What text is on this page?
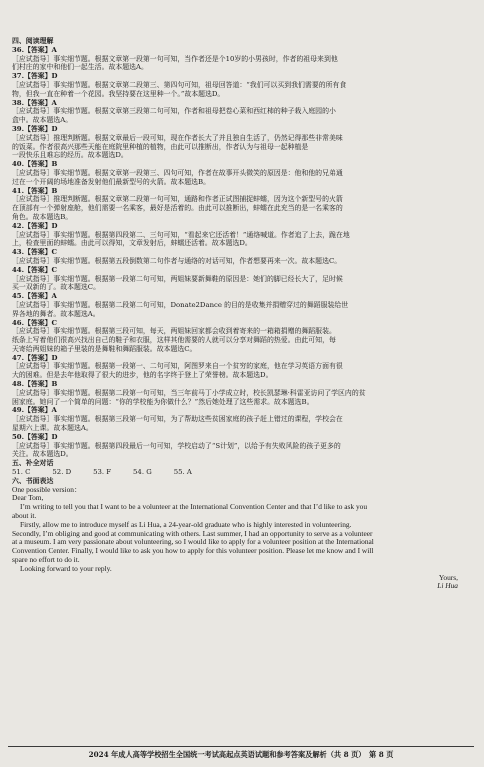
四、阅读理解
36.【答案】A
［应试指导］事实细节题。根据文章第一段第一句可知，当作者还是个10岁的小男孩时，作者的祖母来到他
们村庄的家中和他们一起生活。故本题选A。
37.【答案】D
［应试指导］事实细节题。根据文章第二段第三、第四句可知，祖母回答道：“我们可以买到我们需要的所有食
物，但我一直在种着一个花园。我坚持要在这里种一个。”故本题选D。
38.【答案】A
［应试指导］事实细节题。根据文章第三段第二句可知，作者和祖母把卷心菜和西红柿的种子栽入庭园的小
盒中。故本题选A。
39.【答案】D
［应试指导］推理判断题。根据文章最后一段可知，现在作者长大了并且独自生活了，仍然记得那些非常美味
的饭菜。作者很高兴那些天能在庭院里种植的植物，由此可以推断出，作者认为与祖母一起种植是
一段快乐且难忘的经历。故本题选D。
40.【答案】B
［应试指导］事实细节题。根据文章第一段第三、四句可知，作者在故事开头微笑的原因是：他和他的兄弟通
过在一个开阔的场地准备发射他们最新型号的火箭。故本题选B。
41.【答案】B
［应试指导］推理判断题。根据文章第二段第一句可知，通路和作者正试图捕捉蚌蠕，因为这个新型号的火箭
在顶部有一个弹射座舱，他们需要一名乘客，最好是活着的。由此可以推断出，蚌蠕在此充当的是一名乘客的
角色。故本题选B。
42.【答案】D
［应试指导］事实细节题。根据第四段第二、三句可知，“看起来它还活着！”通络喊道。作者追了上去，跪在地
上，检查里面的蚌蠕。由此可以得知，文章发射后，蚌蠕还活着。故本题选D。
43.【答案】C
［应试指导］事实细节题。根据第五段倒数第二句作者与通络的对话可知，作者想要再来一次。故本题选C。
44.【答案】C
［应试指导］事实细节题。根据第一段第二句可知，两姐妹要新舞鞋的原因是：她们的脚已经长大了，足时候
买一双新的了。故本题选C。
45.【答案】A
［应试指导］事实细节题。根据第二段第二句可知，Donate2Dance 的目的是收集并捐赠穿过的舞蹈服装给世
界各地的舞者。故本题选A。
46.【答案】C
［应试指导］事实细节题。根据第三段可知，每天，两姐妹回家都会收到着寄来的一箱箱捐赠的舞蹈服装。
纸条上写着他们很高兴找出自己的鞋子和衣服，这样其他需要的人就可以分享对舞蹈的热爱。由此可知，每
天寄给两姐妹的箱子里装的是舞鞋和舞蹈服装。故本题选C。
47.【答案】D
［应试指导］事实细节题。根据第一段第一、二句可知，阿图罗来自一个贫穷的家庭，他在学习英语方面有很
大的困难。但是去年他取得了很大的进步，他的名字终于登上了荣誉榜。故本题选D。
48.【答案】B
［应试指导］事实细节题。根据第二段第一句可知，当三年前马丁小学成立时，校长凯瑟琳·科雷亚访问了学区内的贫
困家庭。她问了一个简单的问题：“你的学校能为你做什么？”然后她处理了这些需求。故本题选B。
49.【答案】A
［应试指导］事实细节题。根据第三段第一句可知，为了帮助这些贫困家庭的孩子赶上错过的课程，学校会在
星期六上课。故本题选A。
50.【答案】D
［应试指导］事实细节题。根据第四段最后一句可知，学校启动了“S计划”，以给予有失败风险的孩子更多的
关注。故本题选D。
五、补全对话
51. C	52. D	53. F	54. G	55. A
六、书面表达
One possible version：
Dear Tom,
I’m writing to tell you that I want to be a volunteer at the International Convention Center and that I’d like to ask you
about it.
Firstly, allow me to introduce myself as Li Hua, a 24-year-old graduate who is highly interested in volunteering.
Secondly, I’m obliging and good at communicating with others. Last summer, I had an opportunity to serve as a volunteer
at a museum. I am very passionate about volunteering, so I would like to apply for a volunteer position at the International
Convention Center. Finally, I would like to ask you how to apply for this volunteer position. Please let me know and I will
spare no effort to do it.
Looking forward to your reply.
Yours,
Li Hua
2024 年成人高等学校招生全国统一考试高起点英语试题和参考答案及解析（共 8 页）　第 8 页
